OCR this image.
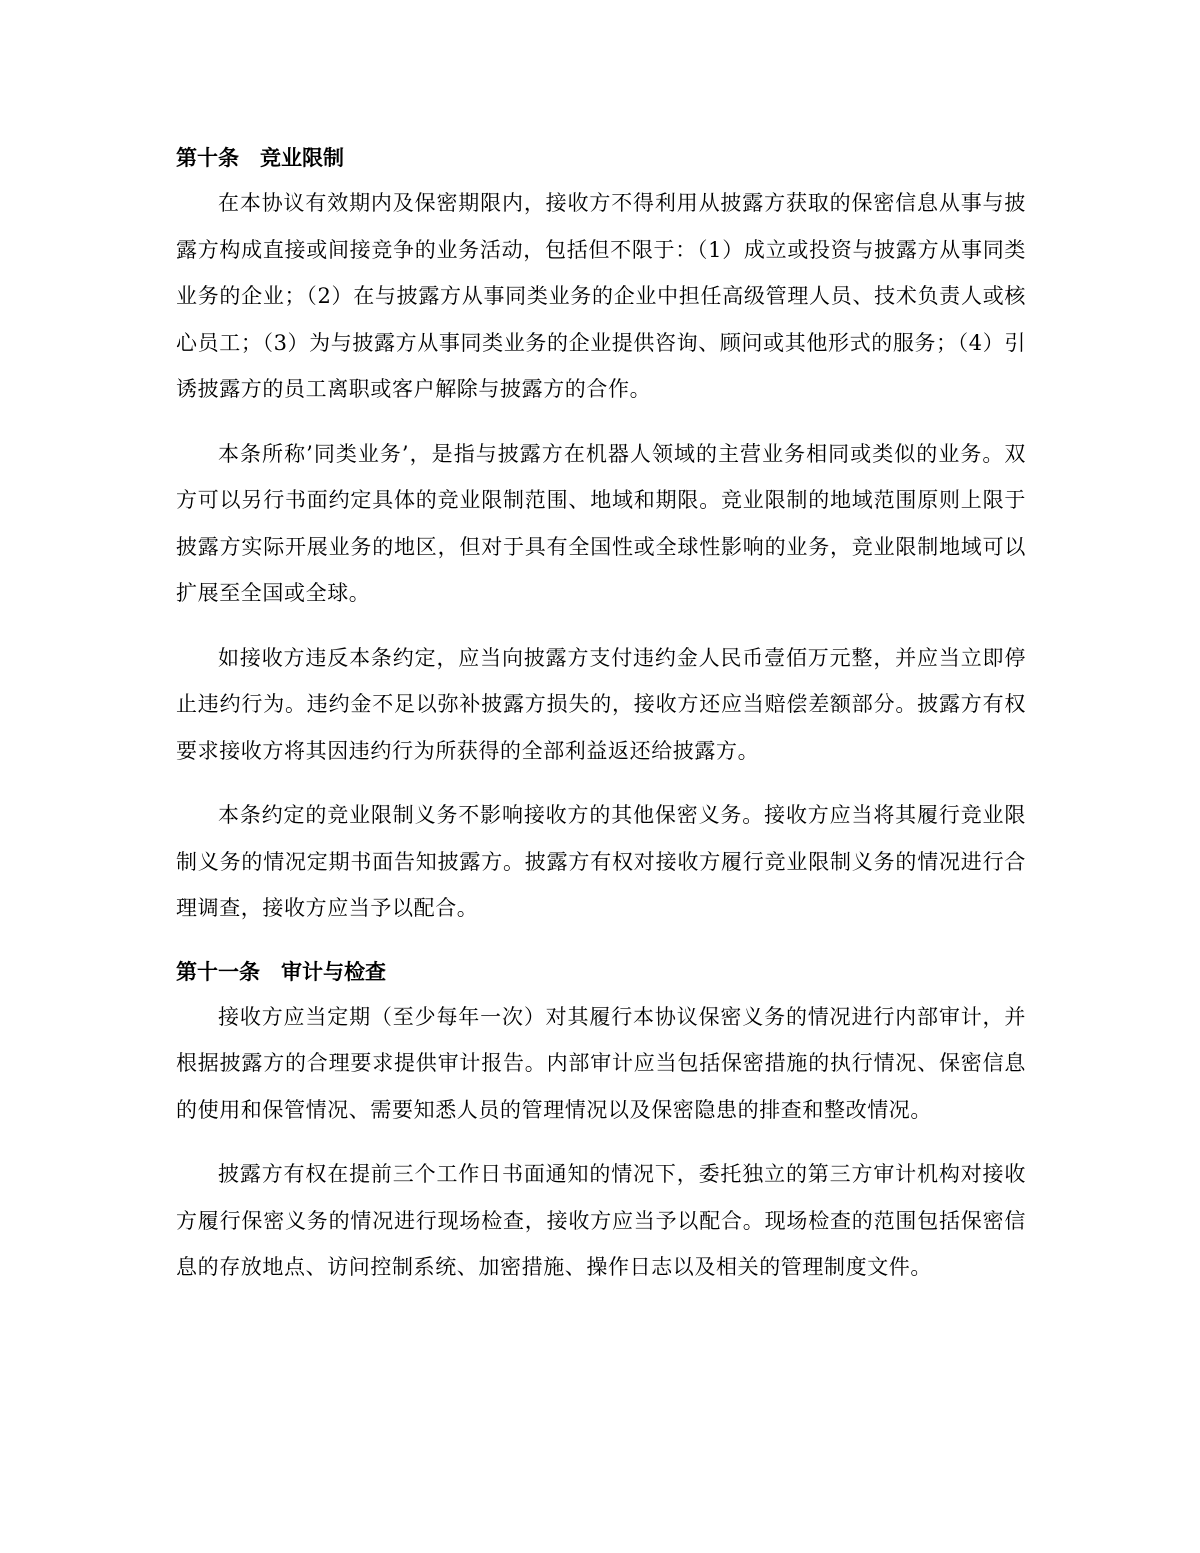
第十条　竞业限制

在本协议有效期内及保密期限内，接收方不得利用从披露方获取的保密信息从事与披露方构成直接或间接竞争的业务活动，包括但不限于：（1）成立或投资与披露方从事同类业务的企业；（2）在与披露方从事同类业务的企业中担任高级管理人员、技术负责人或核心员工；（3）为与披露方从事同类业务的企业提供咨询、顾问或其他形式的服务；（4）引诱披露方的员工离职或客户解除与披露方的合作。

本条所称’同类业务’，是指与披露方在机器人领域的主营业务相同或类似的业务。双方可以另行书面约定具体的竞业限制范围、地域和期限。竞业限制的地域范围原则上限于披露方实际开展业务的地区，但对于具有全国性或全球性影响的业务，竞业限制地域可以扩展至全国或全球。

如接收方违反本条约定，应当向披露方支付违约金人民币壹佰万元整，并应当立即停止违约行为。违约金不足以弥补披露方损失的，接收方还应当赔偿差额部分。披露方有权要求接收方将其因违约行为所获得的全部利益返还给披露方。

本条约定的竞业限制义务不影响接收方的其他保密义务。接收方应当将其履行竞业限制义务的情况定期书面告知披露方。披露方有权对接收方履行竞业限制义务的情况进行合理调查，接收方应当予以配合。

第十一条　审计与检查

接收方应当定期（至少每年一次）对其履行本协议保密义务的情况进行内部审计，并根据披露方的合理要求提供审计报告。内部审计应当包括保密措施的执行情况、保密信息的使用和保管情况、需要知悉人员的管理情况以及保密隐患的排查和整改情况。

披露方有权在提前三个工作日书面通知的情况下，委托独立的第三方审计机构对接收方履行保密义务的情况进行现场检查，接收方应当予以配合。现场检查的范围包括保密信息的存放地点、访问控制系统、加密措施、操作日志以及相关的管理制度文件。
